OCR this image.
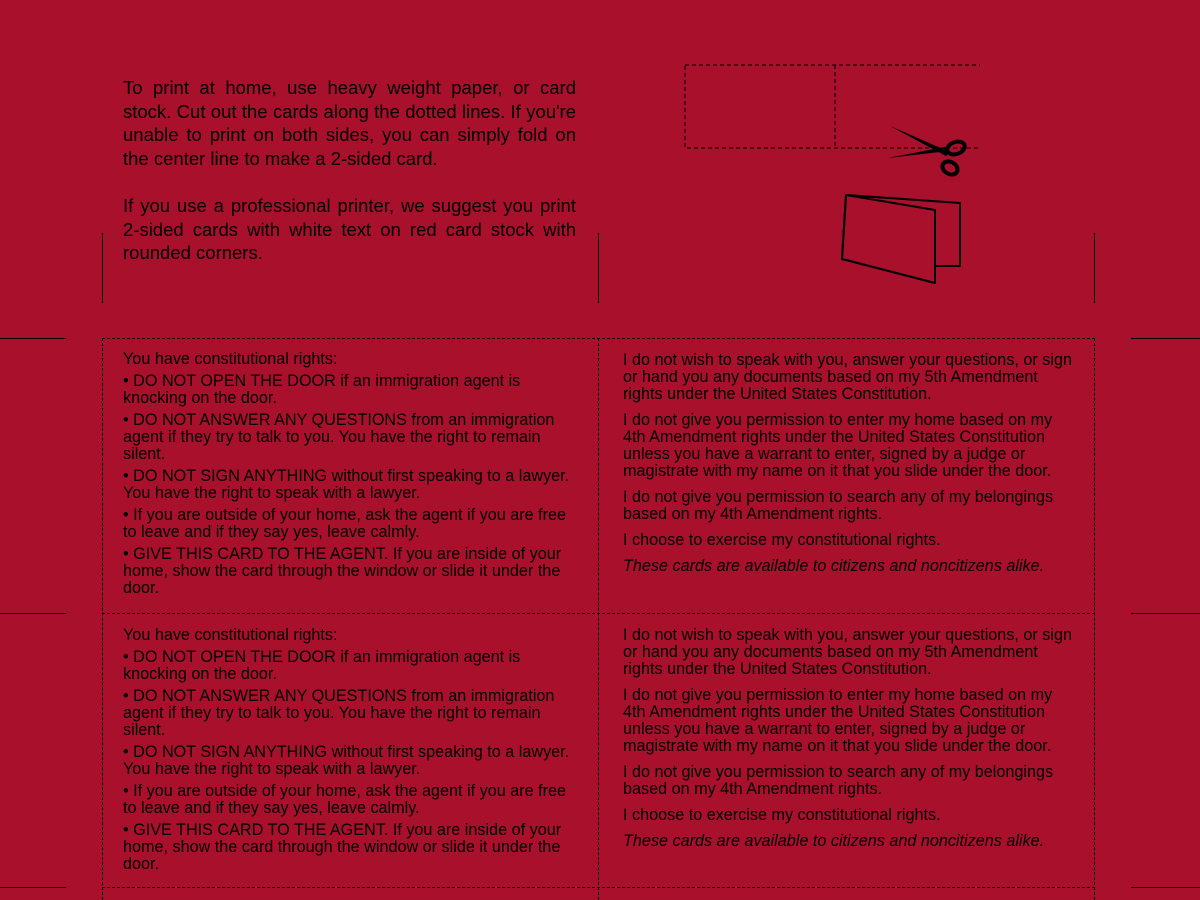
To print at home, use heavy weight paper, or card stock. Cut out the cards along the dotted lines. If you're unable to print on both sides, you can simply fold on the center line to make a 2-sided card.

If you use a professional printer, we suggest you print 2-sided cards with white text on red card stock with rounded corners.

You have constitutional rights:

• DO NOT OPEN THE DOOR if an immigration agent is knocking on the door.

• DO NOT ANSWER ANY QUESTIONS from an immigration agent if they try to talk to you. You have the right to remain silent.

• DO NOT SIGN ANYTHING without first speaking to a lawyer. You have the right to speak with a lawyer.

• If you are outside of your home, ask the agent if you are free to leave and if they say yes, leave calmly.

• GIVE THIS CARD TO THE AGENT. If you are inside of your home, show the card through the window or slide it under the door.

I do not wish to speak with you, answer your questions, or sign or hand you any documents based on my 5th Amendment rights under the United States Constitution.

I do not give you permission to enter my home based on my 4th Amendment rights under the United States Constitution unless you have a warrant to enter, signed by a judge or magistrate with my name on it that you slide under the door.

I do not give you permission to search any of my belongings based on my 4th Amendment rights.

I choose to exercise my constitutional rights.

These cards are available to citizens and noncitizens alike.

You have constitutional rights:

• DO NOT OPEN THE DOOR if an immigration agent is knocking on the door.

• DO NOT ANSWER ANY QUESTIONS from an immigration agent if they try to talk to you. You have the right to remain silent.

• DO NOT SIGN ANYTHING without first speaking to a lawyer. You have the right to speak with a lawyer.

• If you are outside of your home, ask the agent if you are free to leave and if they say yes, leave calmly.

• GIVE THIS CARD TO THE AGENT. If you are inside of your home, show the card through the window or slide it under the door.

I do not wish to speak with you, answer your questions, or sign or hand you any documents based on my 5th Amendment rights under the United States Constitution.

I do not give you permission to enter my home based on my 4th Amendment rights under the United States Constitution unless you have a warrant to enter, signed by a judge or magistrate with my name on it that you slide under the door.

I do not give you permission to search any of my belongings based on my 4th Amendment rights.

I choose to exercise my constitutional rights.

These cards are available to citizens and noncitizens alike.
